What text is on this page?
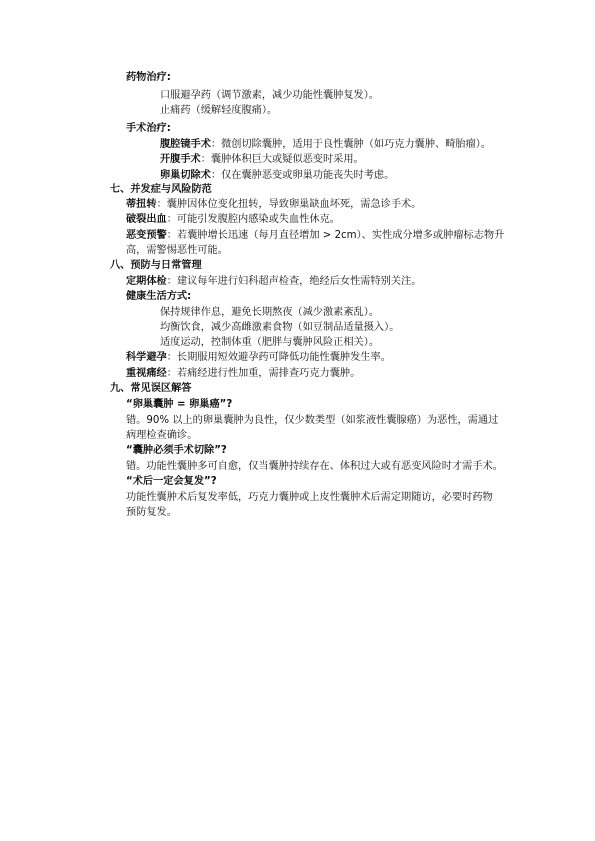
药物治疗:
口服避孕药（调节激素，减少功能性囊肿复发）。
止痛药（缓解轻度腹痛）。
手术治疗:
腹腔镜手术：微创切除囊肿，适用于良性囊肿（如巧克力囊肿、畸胎瘤）。
开腹手术：囊肿体积巨大或疑似恶变时采用。
卵巢切除术：仅在囊肿恶变或卵巢功能丧失时考虑。
七、并发症与风险防范
蒂扭转：囊肿因体位变化扭转，导致卵巢缺血坏死，需急诊手术。
破裂出血：可能引发腹腔内感染或失血性休克。
恶变预警：若囊肿增长迅速（每月直径增加 > 2cm）、实性成分增多或肿瘤标志物升
高，需警惕恶性可能。
八、预防与日常管理
定期体检：建议每年进行妇科超声检查，绝经后女性需特别关注。
健康生活方式:
保持规律作息，避免长期熬夜（减少激素紊乱）。
均衡饮食，减少高雌激素食物（如豆制品适量摄入）。
适度运动，控制体重（肥胖与囊肿风险正相关）。
科学避孕：长期服用短效避孕药可降低功能性囊肿发生率。
重视痛经：若痛经进行性加重，需排查巧克力囊肿。
九、常见误区解答
“卵巢囊肿 = 卵巢癌”?
错。90% 以上的卵巢囊肿为良性，仅少数类型（如浆液性囊腺癌）为恶性，需通过
病理检查确诊。
“囊肿必须手术切除”?
错。功能性囊肿多可自愈，仅当囊肿持续存在、体积过大或有恶变风险时才需手术。
“术后一定会复发”?
功能性囊肿术后复发率低，巧克力囊肿或上皮性囊肿术后需定期随访，必要时药物
预防复发。
